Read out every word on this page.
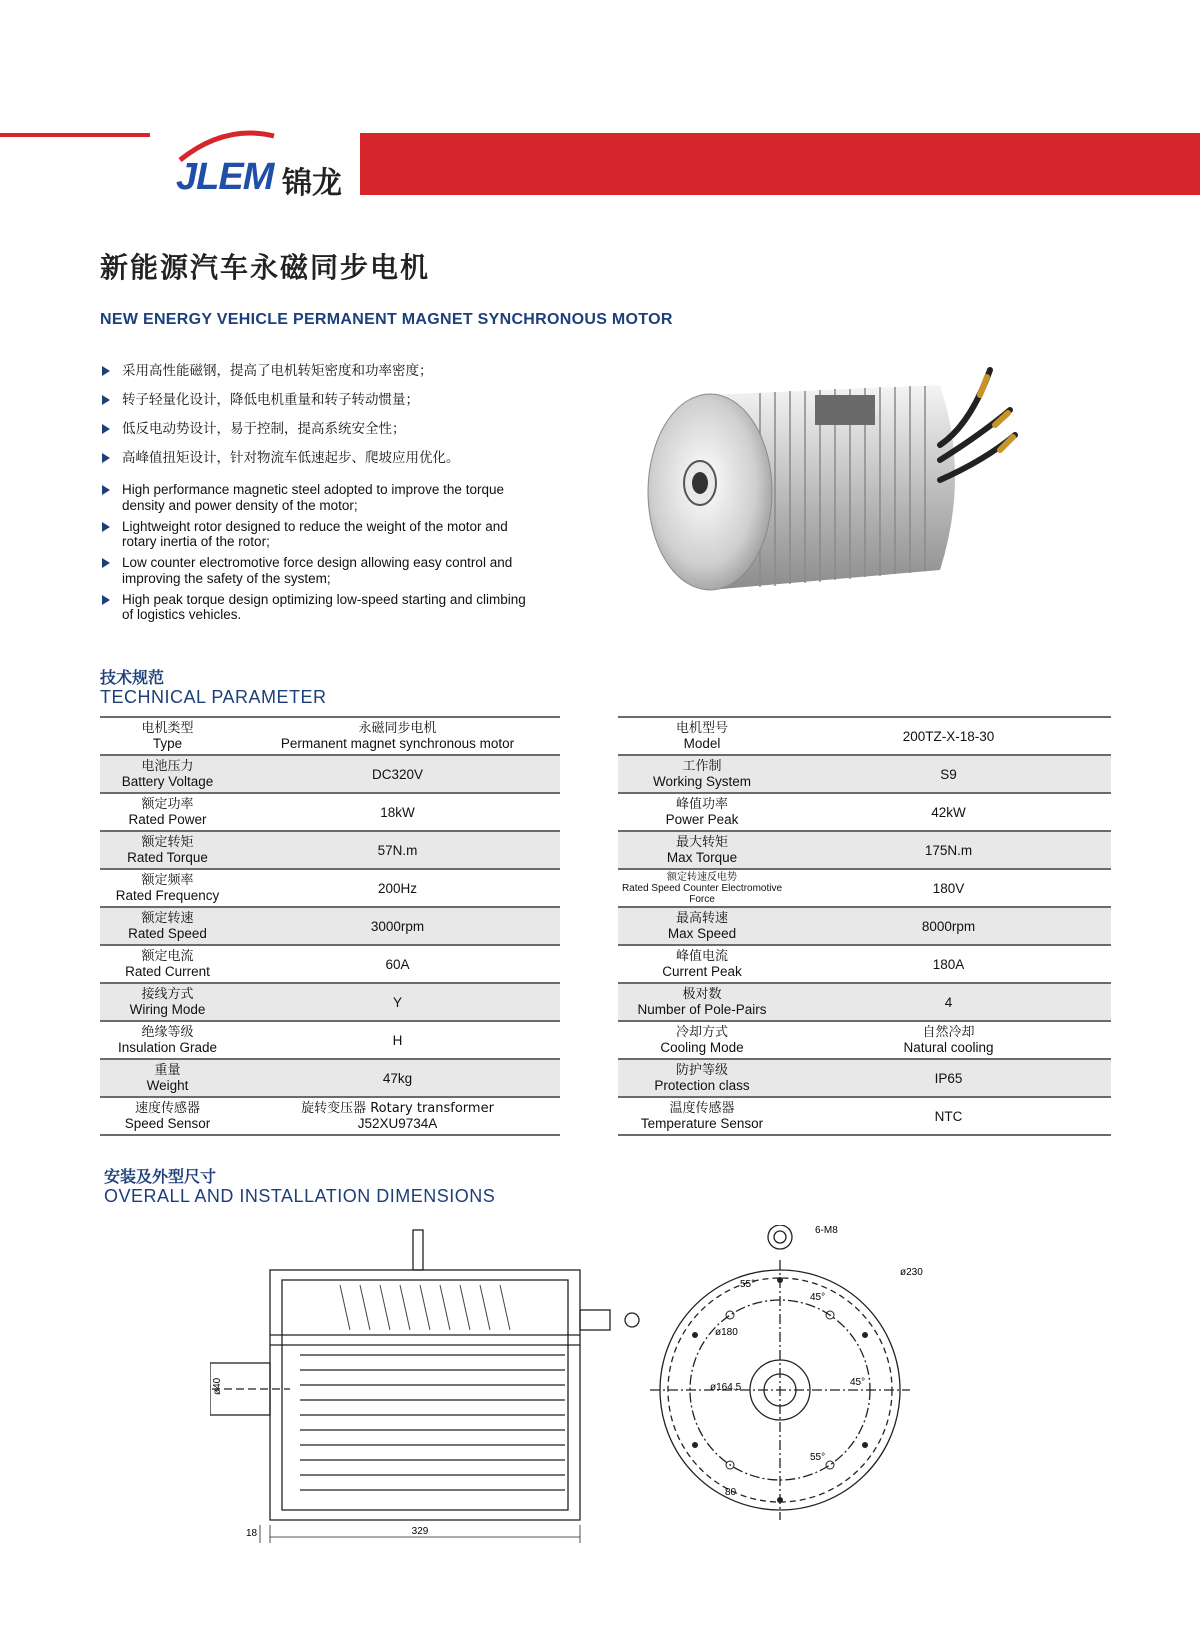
JLEM 锦龙
新能源汽车永磁同步电机
NEW ENERGY VEHICLE PERMANENT MAGNET SYNCHRONOUS MOTOR
采用高性能磁钢，提高了电机转矩密度和功率密度；
转子轻量化设计，降低电机重量和转子转动惯量；
低反电动势设计，易于控制，提高系统安全性；
高峰值扭矩设计，针对物流车低速起步、爬坡应用优化。
High performance magnetic steel adopted to improve the torque
density and power density of the motor;
Lightweight rotor designed to reduce the weight of the motor and
rotary inertia of the rotor;
Low counter electromotive force design allowing easy control and
improving the safety of the system;
High peak torque design optimizing low-speed starting and climbing
of logistics vehicles.
技术规范
TECHNICAL PARAMETER
电机类型
Type	永磁同步电机
Permanent magnet synchronous motor

电池压力
Battery Voltage	DC320V

额定功率
Rated Power	18kW

额定转矩
Rated Torque	57N.m

额定频率
Rated Frequency	200Hz

额定转速
Rated Speed	3000rpm

额定电流
Rated Current	60A

接线方式
Wiring Mode	Y

绝缘等级
Insulation Grade	H

重量
Weight	47kg

速度传感器
Speed Sensor	旋转变压器 Rotary transformer
J52XU9734A
电机型号
Model	200TZ-X-18-30

工作制
Working System	S9

峰值功率
Power Peak	42kW

最大转矩
Max Torque	175N.m

额定转速反电势
Rated Speed Counter Electromotive Force	180V

最高转速
Max Speed	8000rpm

峰值电流
Current Peak	180A

极对数
Number of Pole-Pairs	4

冷却方式
Cooling Mode	自然冷却
Natural cooling

防护等级
Protection class	IP65

温度传感器
Temperature Sensor	NTC
安装及外型尺寸
OVERALL AND INSTALLATION DIMENSIONS
329
18
ø40
6-M8
ø230
ø180
ø164.5
55°
45°
45°
55°
80
